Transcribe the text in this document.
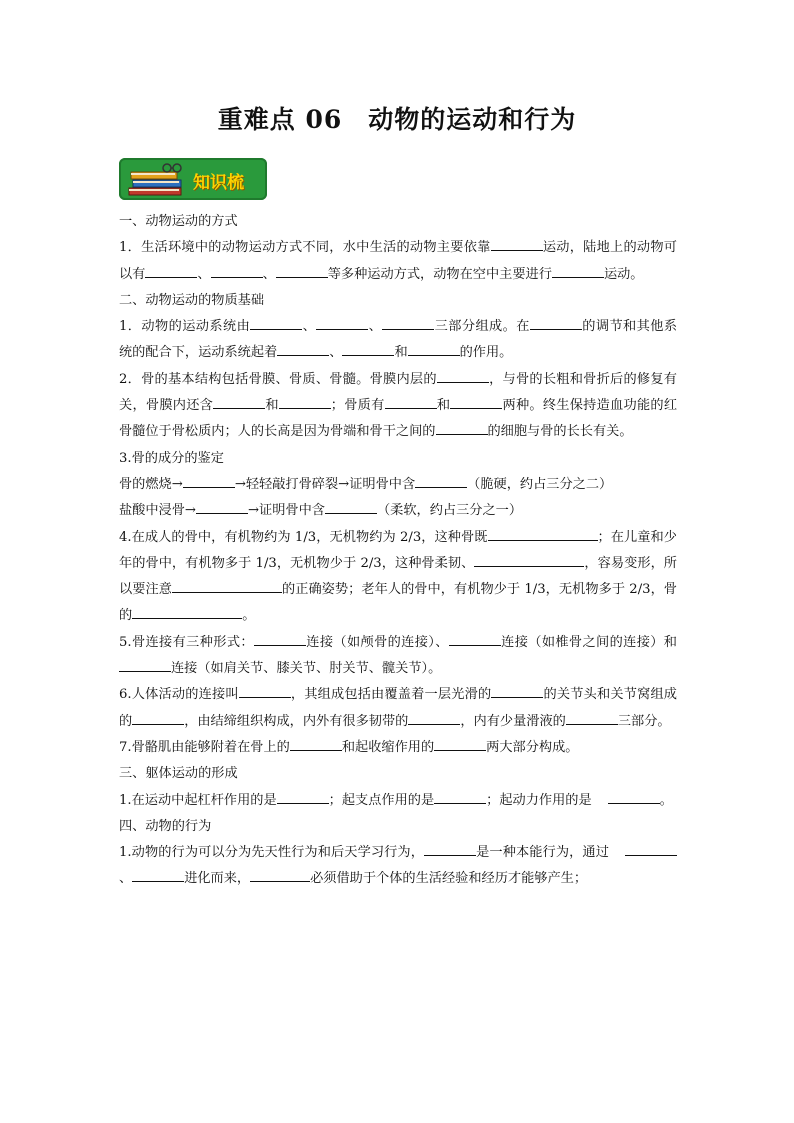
重难点 06 动物的运动和行为
知识梳

一、动物运动的方式

1．生活环境中的动物运动方式不同，水中生活的动物主要依靠	运动，陆地上的动物可以有	、	、	等多种运动方式，动物在空中主要进行	运动。

二、动物运动的物质基础

1．动物的运动系统由	、	、	三部分组成。在	的调节和其他系统的配合下，运动系统起着	、	和	的作用。

2．骨的基本结构包括骨膜、骨质、骨髓。骨膜内层的	，与骨的长粗和骨折后的修复有关，骨膜内还含	和	；骨质有	和	两种。终生保持造血功能的红骨髓位于骨松质内；人的长高是因为骨端和骨干之间的	的细胞与骨的长长有关。

3.骨的成分的鉴定

骨的燃烧→	→轻轻敲打骨碎裂→证明骨中含	（脆硬，约占三分之二）

盐酸中浸骨→	→证明骨中含	（柔软，约占三分之一）

4.在成人的骨中，有机物约为 1/3，无机物约为 2/3，这种骨既	；在儿童和少年的骨中，有机物多于 1/3，无机物少于 2/3，这种骨柔韧、	，容易变形，所以要注意	的正确姿势；老年人的骨中，有机物少于 1/3，无机物多于 2/3，骨的	。

5.骨连接有三种形式：	连接（如颅骨的连接）、	连接（如椎骨之间的连接）和连接（如肩关节、膝关节、肘关节、髋关节）。

6.人体活动的连接叫	，其组成包括由覆盖着一层光滑的	的关节头和关节窝组成的	，由结缔组织构成，内外有很多韧带的	，内有少量滑液的	三部分。

7.骨骼肌由能够附着在骨上的	和起收缩作用的	两大部分构成。

三、躯体运动的形成

1.在运动中起杠杆作用的是	；起支点作用的是	；起动力作用的是	。

四、动物的行为

1.动物的行为可以分为先天性行为和后天学习行为，	是一种本能行为，通过、	进化而来，	必须借助于个体的生活经验和经历才能够产生；
